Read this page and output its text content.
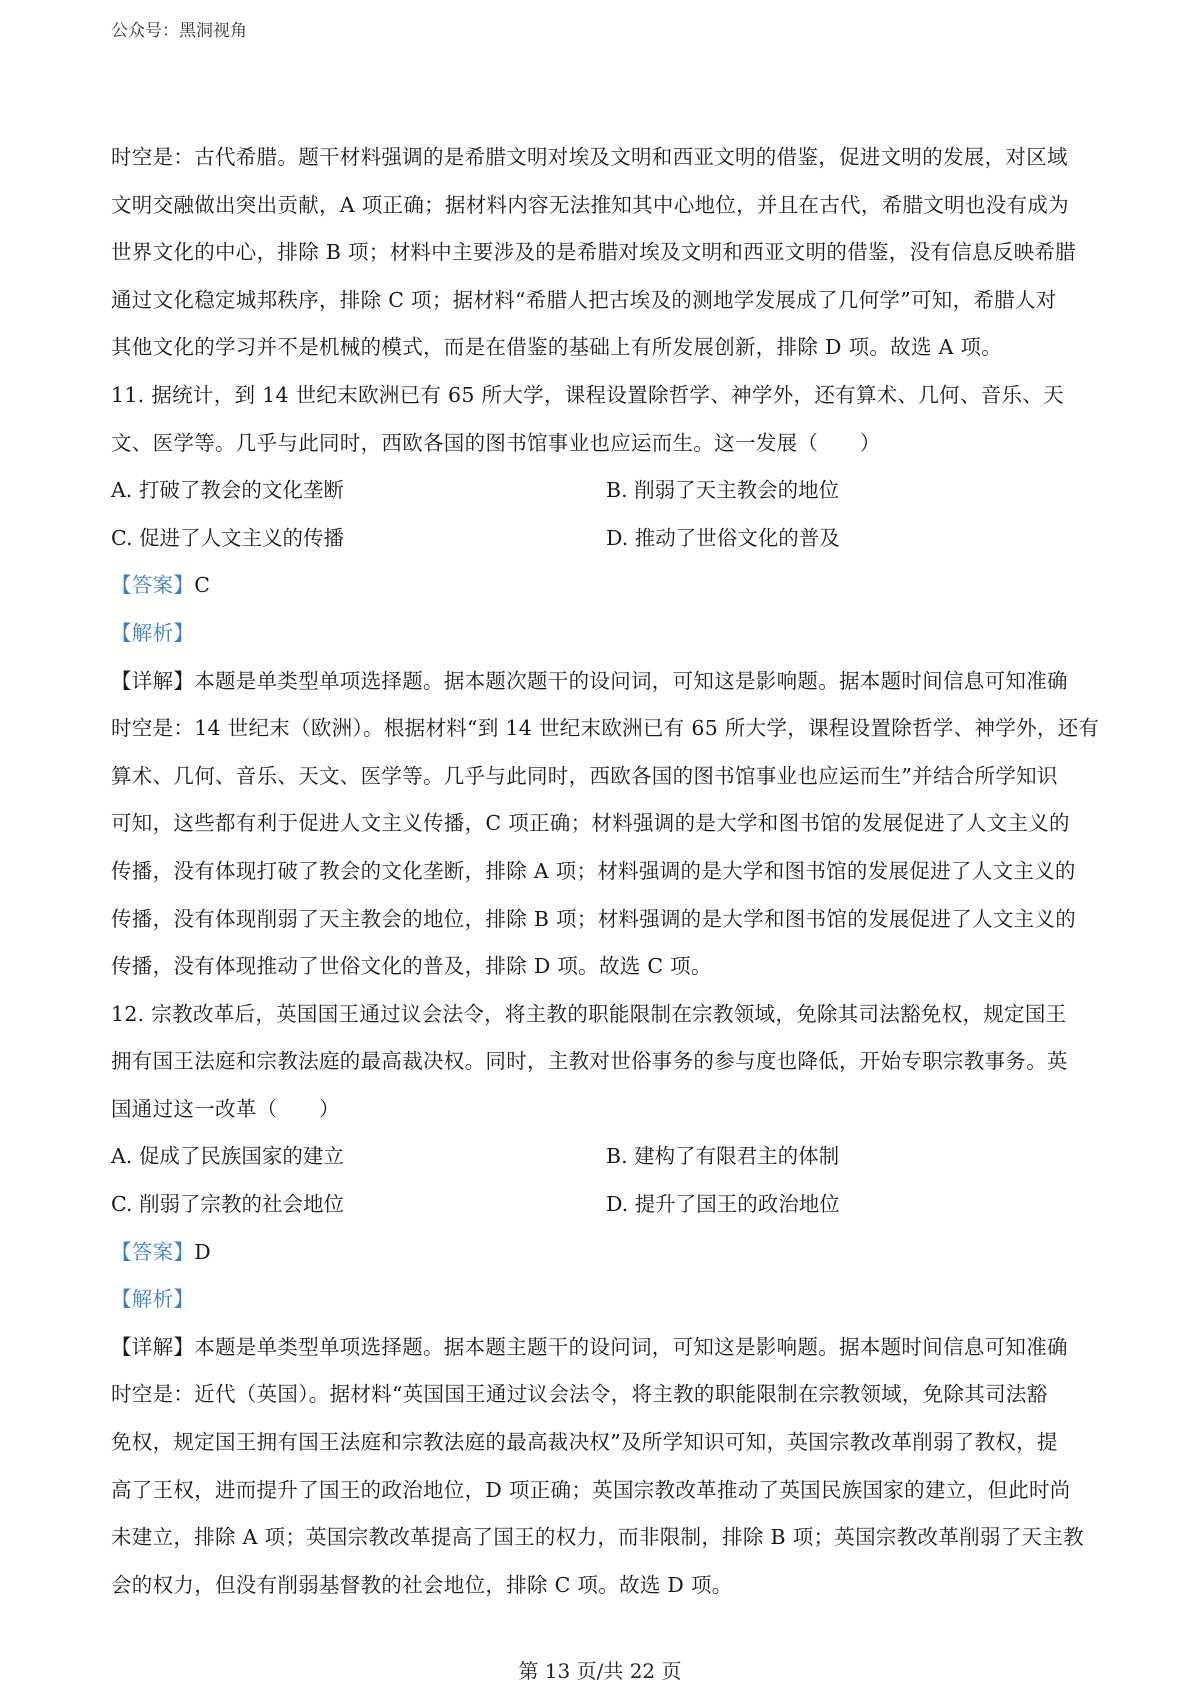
公众号：黑洞视角
时空是：古代希腊。题干材料强调的是希腊文明对埃及文明和西亚文明的借鉴，促进文明的发展，对区域
文明交融做出突出贡献，A 项正确；据材料内容无法推知其中心地位，并且在古代，希腊文明也没有成为
世界文化的中心，排除 B 项；材料中主要涉及的是希腊对埃及文明和西亚文明的借鉴，没有信息反映希腊
通过文化稳定城邦秩序，排除 C 项；据材料“希腊人把古埃及的测地学发展成了几何学”可知，希腊人对
其他文化的学习并不是机械的模式，而是在借鉴的基础上有所发展创新，排除 D 项。故选 A 项。
11. 据统计，到 14 世纪末欧洲已有 65 所大学，课程设置除哲学、神学外，还有算术、几何、音乐、天
文、医学等。几乎与此同时，西欧各国的图书馆事业也应运而生。这一发展（　　）
A. 打破了教会的文化垄断	B. 削弱了天主教会的地位
C. 促进了人文主义的传播	D. 推动了世俗文化的普及
【答案】C
【解析】
【详解】本题是单类型单项选择题。据本题次题干的设问词，可知这是影响题。据本题时间信息可知准确
时空是：14 世纪末（欧洲）。根据材料“到 14 世纪末欧洲已有 65 所大学，课程设置除哲学、神学外，还有
算术、几何、音乐、天文、医学等。几乎与此同时，西欧各国的图书馆事业也应运而生”并结合所学知识
可知，这些都有利于促进人文主义传播，C 项正确；材料强调的是大学和图书馆的发展促进了人文主义的
传播，没有体现打破了教会的文化垄断，排除 A 项；材料强调的是大学和图书馆的发展促进了人文主义的
传播，没有体现削弱了天主教会的地位，排除 B 项；材料强调的是大学和图书馆的发展促进了人文主义的
传播，没有体现推动了世俗文化的普及，排除 D 项。故选 C 项。
12. 宗教改革后，英国国王通过议会法令，将主教的职能限制在宗教领域，免除其司法豁免权，规定国王
拥有国王法庭和宗教法庭的最高裁决权。同时，主教对世俗事务的参与度也降低，开始专职宗教事务。英
国通过这一改革（　　）
A. 促成了民族国家的建立	B. 建构了有限君主的体制
C. 削弱了宗教的社会地位	D. 提升了国王的政治地位
【答案】D
【解析】
【详解】本题是单类型单项选择题。据本题主题干的设问词，可知这是影响题。据本题时间信息可知准确
时空是：近代（英国）。据材料“英国国王通过议会法令，将主教的职能限制在宗教领域，免除其司法豁
免权，规定国王拥有国王法庭和宗教法庭的最高裁决权”及所学知识可知，英国宗教改革削弱了教权，提
高了王权，进而提升了国王的政治地位，D 项正确；英国宗教改革推动了英国民族国家的建立，但此时尚
未建立，排除 A 项；英国宗教改革提高了国王的权力，而非限制，排除 B 项；英国宗教改革削弱了天主教
会的权力，但没有削弱基督教的社会地位，排除 C 项。故选 D 项。
第 13 页/共 22 页
